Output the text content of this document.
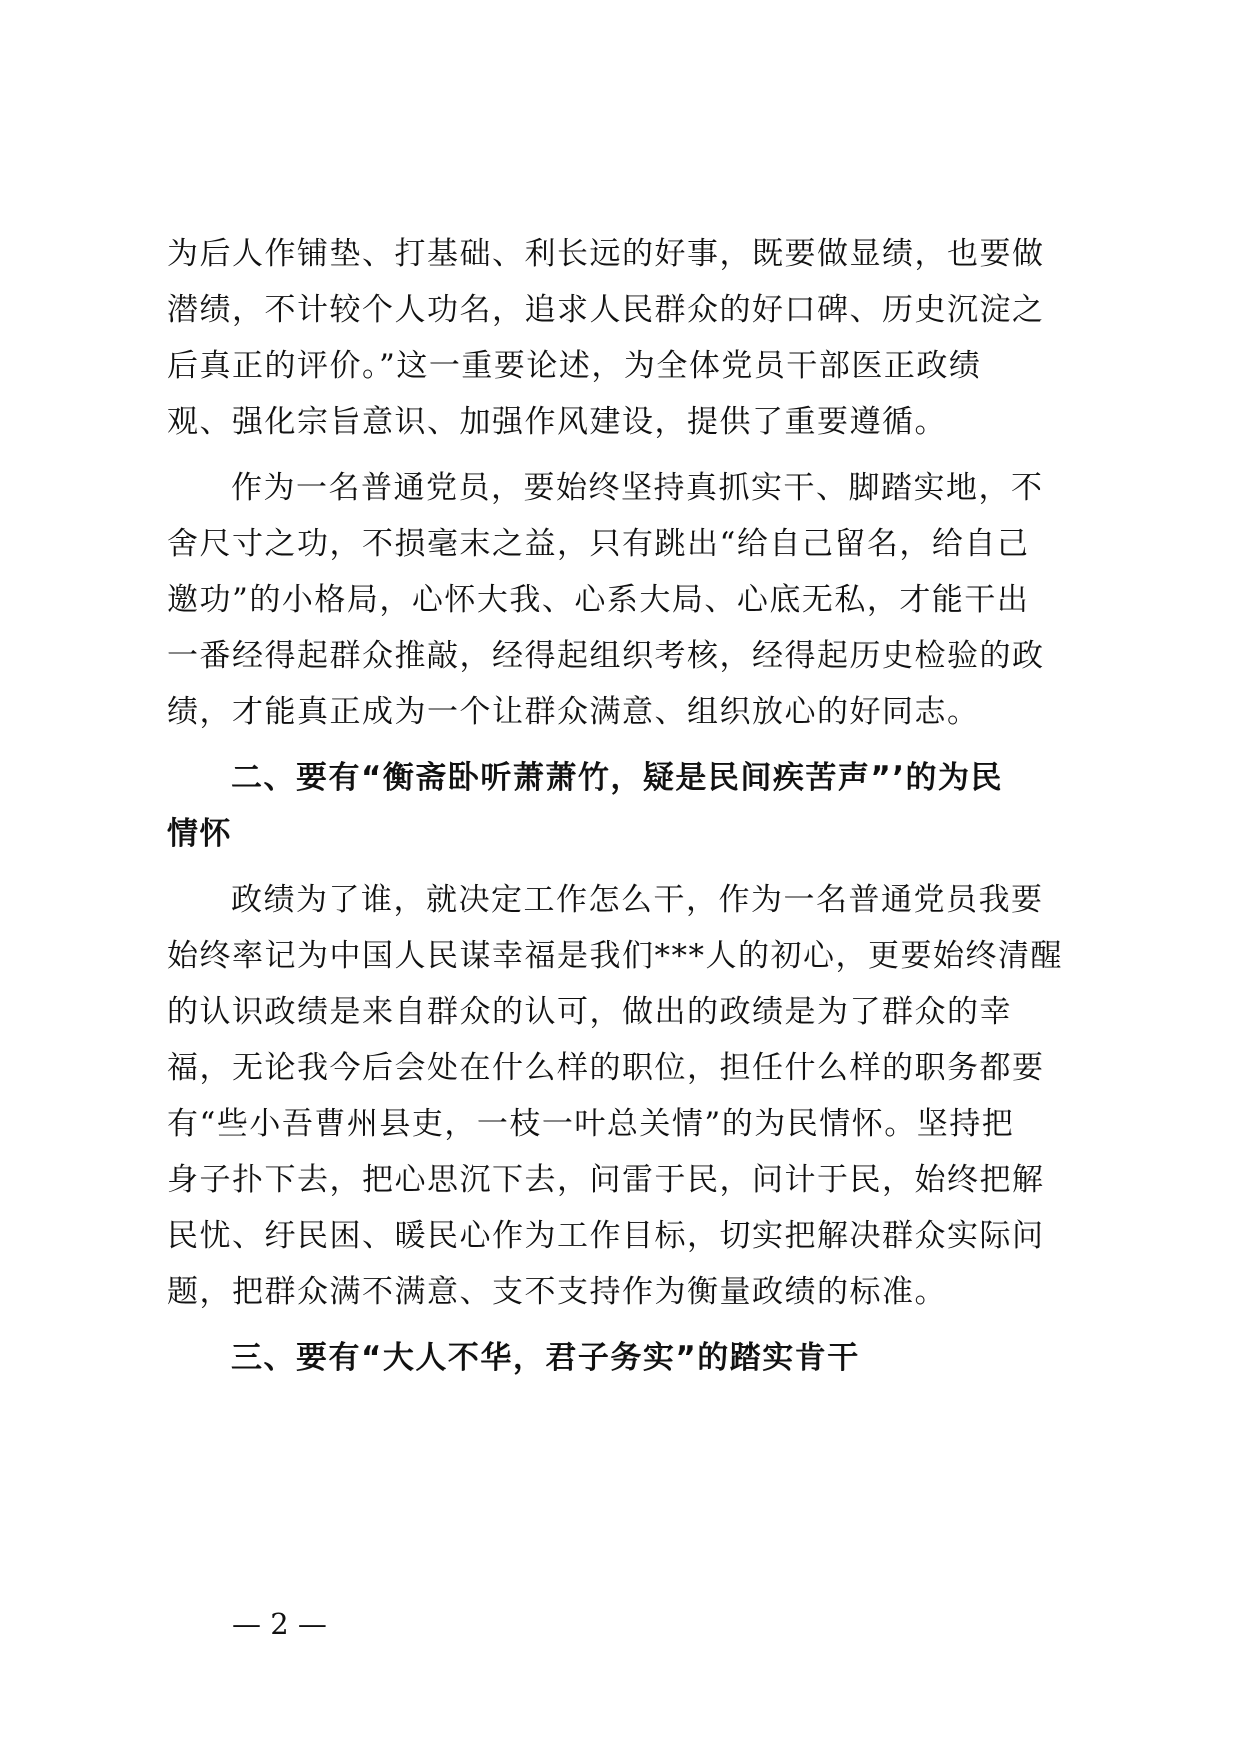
为后人作铺垫、打基础、利长远的好事，既要做显绩，也要做

潜绩，不计较个人功名，追求人民群众的好口碑、历史沉淀之

后真正的评价。”这一重要论述，为全体党员干部医正政绩

观、强化宗旨意识、加强作风建设，提供了重要遵循。

作为一名普通党员，要始终坚持真抓实干、脚踏实地，不

舍尺寸之功，不损毫末之益，只有跳出“给自己留名，给自己

邀功”的小格局，心怀大我、心系大局、心底无私，才能干出

一番经得起群众推敲，经得起组织考核，经得起历史检验的政

绩，才能真正成为一个让群众满意、组织放心的好同志。

二、要有“衡斋卧听萧萧竹，疑是民间疾苦声”’的为民

情怀

政绩为了谁，就决定工作怎么干，作为一名普通党员我要

始终率记为中国人民谋幸福是我们***人的初心，更要始终清醒

的认识政绩是来自群众的认可，做出的政绩是为了群众的幸

福，无论我今后会处在什么样的职位，担任什么样的职务都要

有“些小吾曹州县吏，一枝一叶总关情”的为民情怀。坚持把

身子扑下去，把心思沉下去，问雷于民，问计于民，始终把解

民忧、纡民困、暖民心作为工作目标，切实把解决群众实际问

题，把群众满不满意、支不支持作为衡量政绩的标准。

三、要有“大人不华，君子务实”的踏实肯干

— 2 —
